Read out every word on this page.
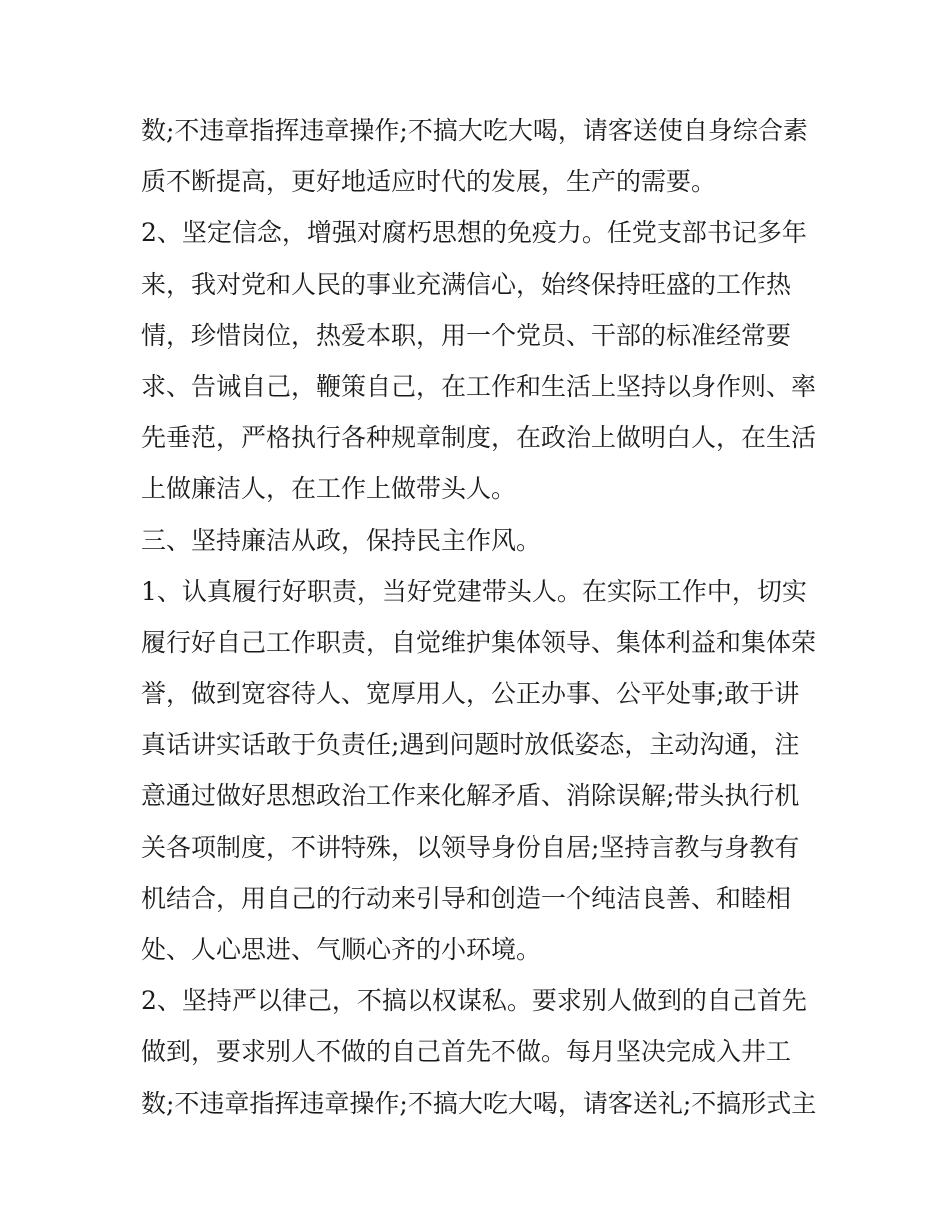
数;不违章指挥违章操作;不搞大吃大喝，请客送使自身综合素
质不断提高，更好地适应时代的发展，生产的需要。
2、坚定信念，增强对腐朽思想的免疫力。任党支部书记多年
来，我对党和人民的事业充满信心，始终保持旺盛的工作热
情，珍惜岗位，热爱本职，用一个党员、干部的标准经常要
求、告诫自己，鞭策自己，在工作和生活上坚持以身作则、率
先垂范，严格执行各种规章制度，在政治上做明白人，在生活
上做廉洁人，在工作上做带头人。
三、坚持廉洁从政，保持民主作风。
1、认真履行好职责，当好党建带头人。在实际工作中，切实
履行好自己工作职责，自觉维护集体领导、集体利益和集体荣
誉，做到宽容待人、宽厚用人，公正办事、公平处事;敢于讲
真话讲实话敢于负责任;遇到问题时放低姿态，主动沟通，注
意通过做好思想政治工作来化解矛盾、消除误解;带头执行机
关各项制度，不讲特殊，以领导身份自居;坚持言教与身教有
机结合，用自己的行动来引导和创造一个纯洁良善、和睦相
处、人心思进、气顺心齐的小环境。
2、坚持严以律己，不搞以权谋私。要求别人做到的自己首先
做到，要求别人不做的自己首先不做。每月坚决完成入井工
数;不违章指挥违章操作;不搞大吃大喝，请客送礼;不搞形式主
